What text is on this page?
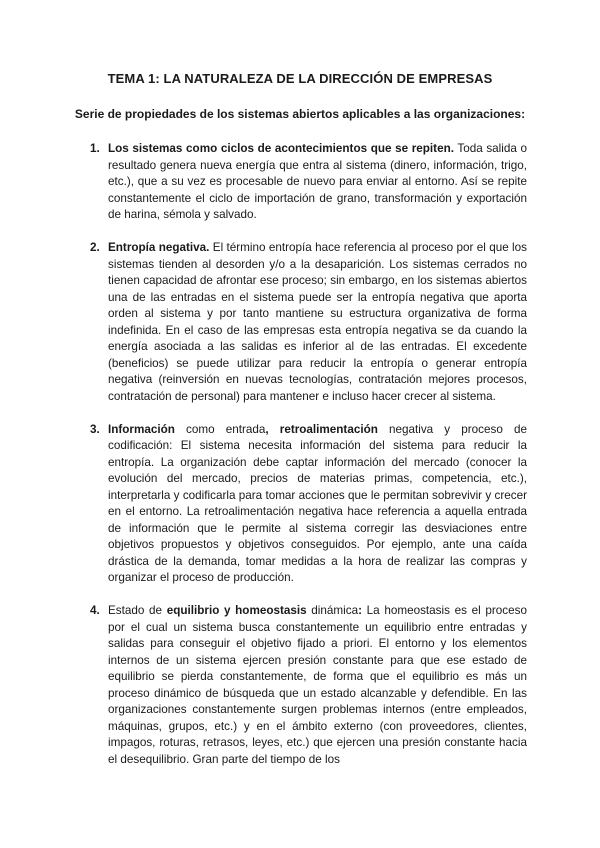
TEMA 1: LA NATURALEZA DE LA DIRECCIÓN DE EMPRESAS
Serie de propiedades de los sistemas abiertos aplicables a las organizaciones:
1. Los sistemas como ciclos de acontecimientos que se repiten. Toda salida o resultado genera nueva energía que entra al sistema (dinero, información, trigo, etc.), que a su vez es procesable de nuevo para enviar al entorno. Así se repite constantemente el ciclo de importación de grano, transformación y exportación de harina, sémola y salvado.
2. Entropía negativa. El término entropía hace referencia al proceso por el que los sistemas tienden al desorden y/o a la desaparición. Los sistemas cerrados no tienen capacidad de afrontar ese proceso; sin embargo, en los sistemas abiertos una de las entradas en el sistema puede ser la entropía negativa que aporta orden al sistema y por tanto mantiene su estructura organizativa de forma indefinida. En el caso de las empresas esta entropía negativa se da cuando la energía asociada a las salidas es inferior al de las entradas. El excedente (beneficios) se puede utilizar para reducir la entropía o generar entropía negativa (reinversión en nuevas tecnologías, contratación mejores procesos, contratación de personal) para mantener e incluso hacer crecer al sistema.
3. Información como entrada, retroalimentación negativa y proceso de codificación: El sistema necesita información del sistema para reducir la entropía. La organización debe captar información del mercado (conocer la evolución del mercado, precios de materias primas, competencia, etc.), interpretarla y codificarla para tomar acciones que le permitan sobrevivir y crecer en el entorno. La retroalimentación negativa hace referencia a aquella entrada de información que le permite al sistema corregir las desviaciones entre objetivos propuestos y objetivos conseguidos. Por ejemplo, ante una caída drástica de la demanda, tomar medidas a la hora de realizar las compras y organizar el proceso de producción.
4. Estado de equilibrio y homeostasis dinámica: La homeostasis es el proceso por el cual un sistema busca constantemente un equilibrio entre entradas y salidas para conseguir el objetivo fijado a priori. El entorno y los elementos internos de un sistema ejercen presión constante para que ese estado de equilibrio se pierda constantemente, de forma que el equilibrio es más un proceso dinámico de búsqueda que un estado alcanzable y defendible. En las organizaciones constantemente surgen problemas internos (entre empleados, máquinas, grupos, etc.) y en el ámbito externo (con proveedores, clientes, impagos, roturas, retrasos, leyes, etc.) que ejercen una presión constante hacia el desequilibrio. Gran parte del tiempo de los
